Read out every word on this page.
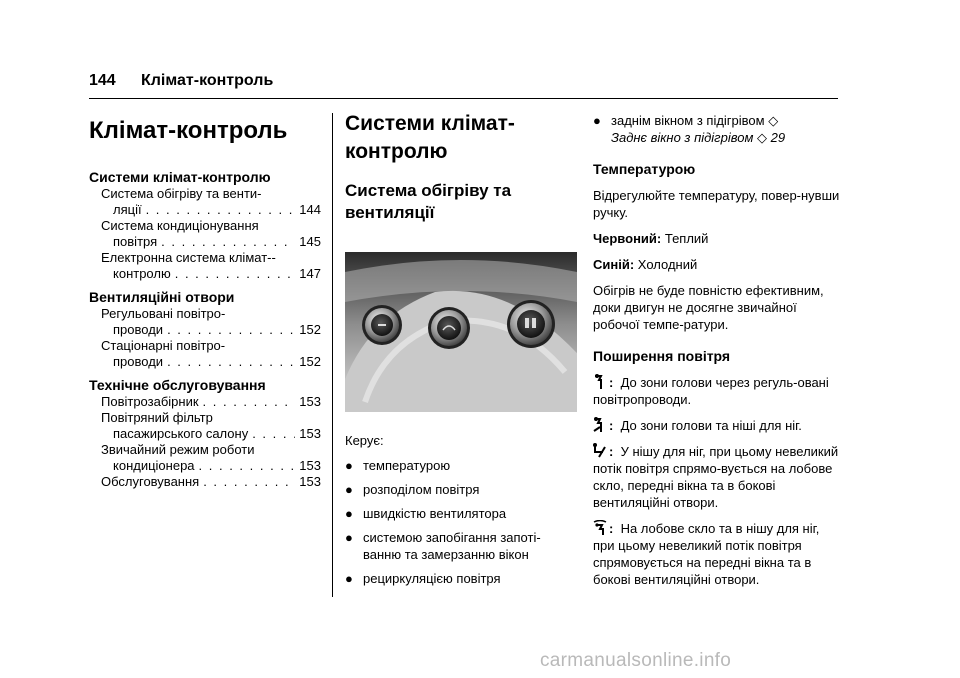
144 Клімат-контроль
Клімат-контроль
Системи клімат-контролю
Система обігріву та венти-
ляції . . .	144
Система кондиціонування
повітря . . .	145
Електронна система клімат--
контролю . . .	147
Вентиляційні отвори
Регульовані повітро-
проводи . . .	152
Стаціонарні повітро-
проводи . . .	152
Технічне обслуговування
Повітрозабірник . . .	153
Повітряний фільтр
пасажирського салону . . .	153
Звичайний режим роботи
кондиціонера . . .	153
Обслуговування . . .	153
Системи клімат-
контролю
Система обігріву та
вентиляції

Керує:

● температурою
● розподілом повітря
● швидкістю вентилятора
● системою запобігання запоті-ванню та замерзанню вікон
● рециркуляцією повітря
● заднім вікном з підігрівом ◇
Заднє вікно з підігрівом ◇ 29
Температурою

Відрегулюйте температуру, повер-нувши ручку.

Червоний: Теплий

Синій: Холодний

Обігрів не буде повністю ефективним, доки двигун не досягне звичайної робочої темпе-ратури.

Поширення повітря

: До зони голови через регуль-овані повітропроводи.

: До зони голови та ніші для ніг.

: У нішу для ніг, при цьому невеликий потік повітря спрямо-вується на лобове скло, передні вікна та в бокові вентиляційні отвори.

: На лобове скло та в нішу для ніг, при цьому невеликий потік повітря спрямовується на передні вікна та в бокові вентиляційні отвори.

carmanualsonline.info
